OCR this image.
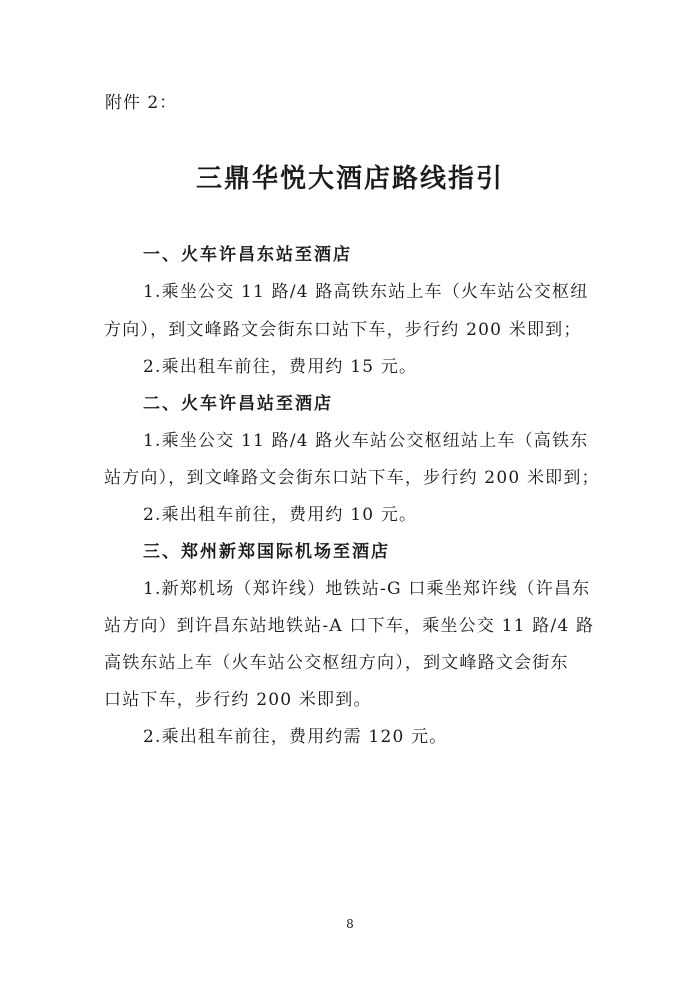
附件 2：
三鼎华悦大酒店路线指引
一、火车许昌东站至酒店
1.乘坐公交 11 路/4 路高铁东站上车（火车站公交枢纽
方向），到文峰路文会街东口站下车，步行约 200 米即到；
2.乘出租车前往，费用约 15 元。
二、火车许昌站至酒店
1.乘坐公交 11 路/4 路火车站公交枢纽站上车（高铁东
站方向），到文峰路文会街东口站下车，步行约 200 米即到；
2.乘出租车前往，费用约 10 元。
三、郑州新郑国际机场至酒店
1.新郑机场（郑许线）地铁站-G 口乘坐郑许线（许昌东
站方向）到许昌东站地铁站-A 口下车，乘坐公交 11 路/4 路
高铁东站上车（火车站公交枢纽方向），到文峰路文会街东
口站下车，步行约 200 米即到。
2.乘出租车前往，费用约需 120 元。
8
